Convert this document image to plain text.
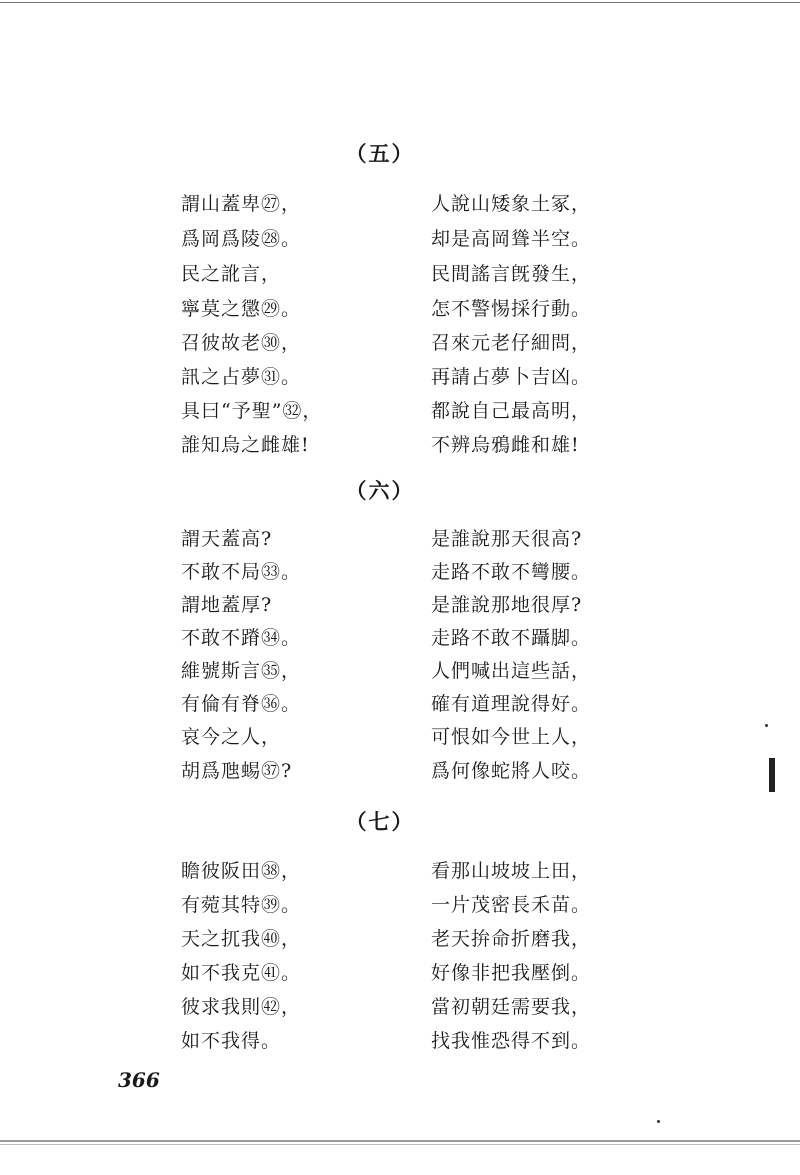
（五）
謂山蓋卑㉗，	人說山矮象土冢，
爲岡爲陵㉘。	却是高岡聳半空。
民之訛言，	民間謠言旣發生，
寧莫之懲㉙。	怎不警惕採行動。
召彼故老㉚，	召來元老仔細問，
訊之占夢㉛。	再請占夢卜吉凶。
具曰“予聖”㉜，	都說自己最高明，
誰知烏之雌雄!	不辨烏鴉雌和雄!
（六）
謂天蓋高?	是誰說那天很高?
不敢不局㉝。	走路不敢不彎腰。
謂地蓋厚?	是誰說那地很厚?
不敢不蹐㉞。	走路不敢不躡脚。
維號斯言㉟，	人們喊出這些話，
有倫有脊㊱。	確有道理說得好。
哀今之人，	可恨如今世上人，
胡爲虺蜴㊲?	爲何像蛇將人咬。
（七）
瞻彼阪田㊳，	看那山坡坡上田，
有菀其特㊴。	一片茂密長禾苗。
天之扤我㊵，	老天拚命折磨我，
如不我克㊶。	好像非把我壓倒。
彼求我則㊷，	當初朝廷需要我，
如不我得。	找我惟恐得不到。
366
